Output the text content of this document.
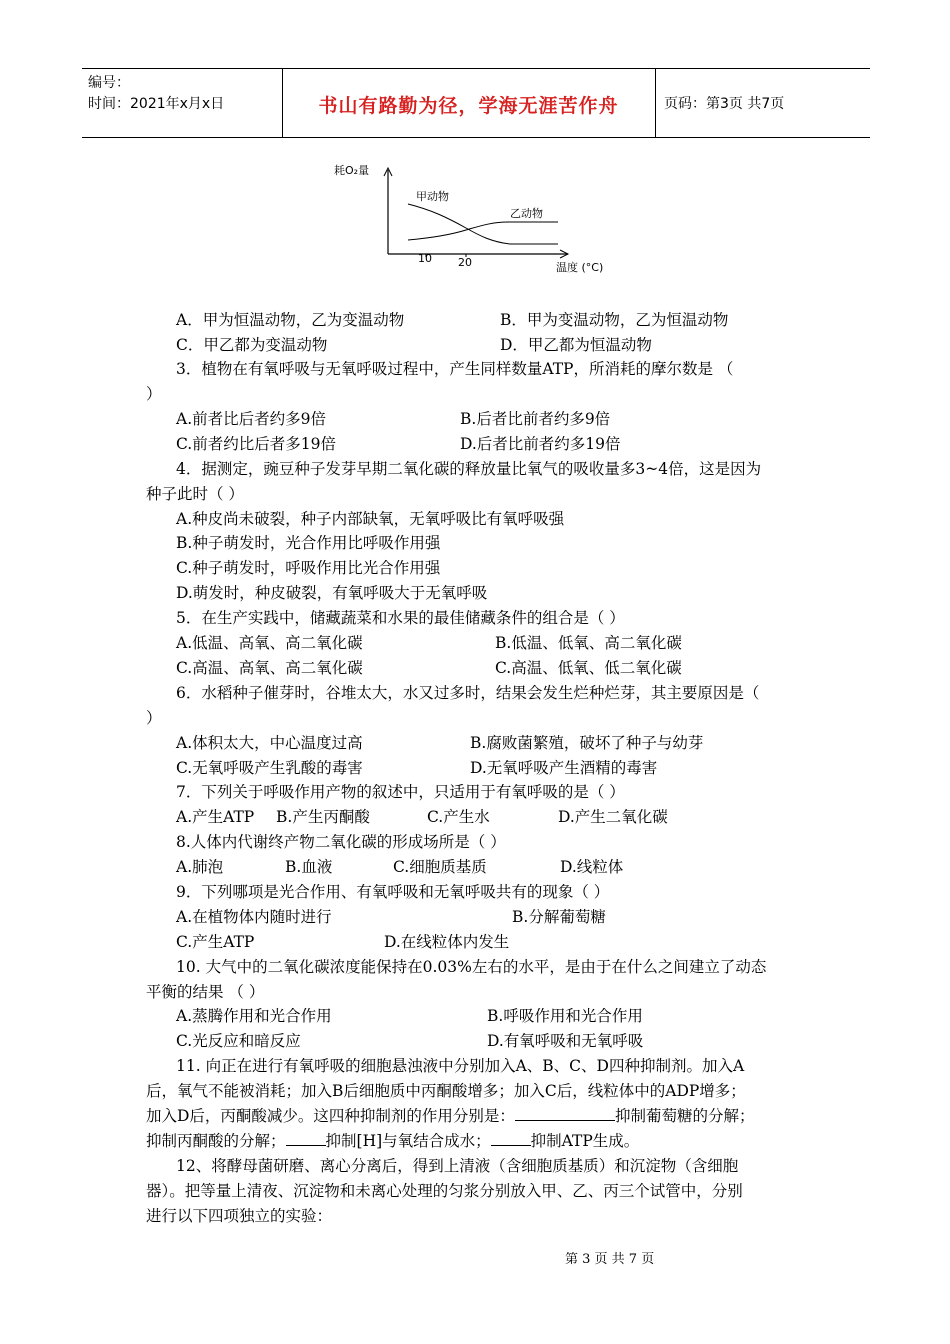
编号：
时间：2021年x月x日	书山有路勤为径，学海无涯苦作舟	页码：第3页 共7页
耗O₂量
甲动物
乙动物
10 20	温度 (°C)
A．甲为恒温动物，乙为变温动物	B．甲为变温动物，乙为恒温动物
C．甲乙都为变温动物	D．甲乙都为恒温动物
3．植物在有氧呼吸与无氧呼吸过程中，产生同样数量ATP，所消耗的摩尔数是 （
）
A.前者比后者约多9倍	B.后者比前者约多9倍
C.前者约比后者多19倍	D.后者比前者约多19倍
4．据测定，豌豆种子发芽早期二氧化碳的释放量比氧气的吸收量多3~4倍，这是因为
种子此时（ ）
A.种皮尚未破裂，种子内部缺氧，无氧呼吸比有氧呼吸强
B.种子萌发时，光合作用比呼吸作用强
C.种子萌发时，呼吸作用比光合作用强
D.萌发时，种皮破裂，有氧呼吸大于无氧呼吸
5．在生产实践中，储藏蔬菜和水果的最佳储藏条件的组合是（ ）
A.低温、高氧、高二氧化碳	B.低温、低氧、高二氧化碳
C.高温、高氧、高二氧化碳	C.高温、低氧、低二氧化碳
6．水稻种子催芽时，谷堆太大，水又过多时，结果会发生烂种烂芽，其主要原因是（
）
A.体积太大，中心温度过高	B.腐败菌繁殖，破坏了种子与幼芽
C.无氧呼吸产生乳酸的毒害	D.无氧呼吸产生酒精的毒害
7．下列关于呼吸作用产物的叙述中，只适用于有氧呼吸的是（ ）
A.产生ATP B.产生丙酮酸	C.产生水	D.产生二氧化碳
8.人体内代谢终产物二氧化碳的形成场所是（ ）
A.肺泡	B.血液	C.细胞质基质	D.线粒体
9．下列哪项是光合作用、有氧呼吸和无氧呼吸共有的现象（ ）
A.在植物体内随时进行	B.分解葡萄糖
C.产生ATP	D.在线粒体内发生
10. 大气中的二氧化碳浓度能保持在0.03%左右的水平，是由于在什么之间建立了动态
平衡的结果 （ ）
A.蒸腾作用和光合作用	B.呼吸作用和光合作用
C.光反应和暗反应	D.有氧呼吸和无氧呼吸
11. 向正在进行有氧呼吸的细胞悬浊液中分别加入A、B、C、D四种抑制剂。加入A
后，氧气不能被消耗；加入B后细胞质中丙酮酸增多；加入C后，线粒体中的ADP增多；
加入D后，丙酮酸减少。这四种抑制剂的作用分别是：	抑制葡萄糖的分解；
抑制丙酮酸的分解；	抑制[H]与氧结合成水；	抑制ATP生成。
12、将酵母菌研磨、离心分离后，得到上清液（含细胞质基质）和沉淀物（含细胞
器）。把等量上清夜、沉淀物和未离心处理的匀浆分别放入甲、乙、丙三个试管中，分别
进行以下四项独立的实验：
第 3 页 共 7 页
